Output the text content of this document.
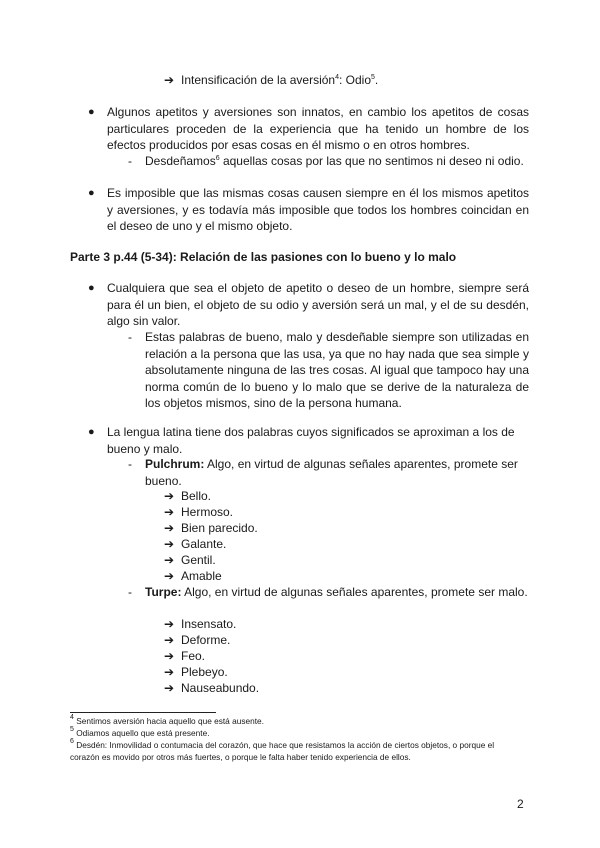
➔ Intensificación de la aversión$^4$: Odio$^5$.
● Algunos apetitos y aversiones son innatos, en cambio los apetitos de cosas particulares proceden de la experiencia que ha tenido un hombre de los efectos producidos por esas cosas en él mismo o en otros hombres.
- Desdeñamos$^6$ aquellas cosas por las que no sentimos ni deseo ni odio.
● Es imposible que las mismas cosas causen siempre en él los mismos apetitos y aversiones, y es todavía más imposible que todos los hombres coincidan en el deseo de uno y el mismo objeto.
Parte 3 p.44 (5-34): Relación de las pasiones con lo bueno y lo malo
● Cualquiera que sea el objeto de apetito o deseo de un hombre, siempre será para él un bien, el objeto de su odio y aversión será un mal, y el de su desdén, algo sin valor.
- Estas palabras de bueno, malo y desdeñable siempre son utilizadas en relación a la persona que las usa, ya que no hay nada que sea simple y absolutamente ninguna de las tres cosas. Al igual que tampoco hay una norma común de lo bueno y lo malo que se derive de la naturaleza de los objetos mismos, sino de la persona humana.
● La lengua latina tiene dos palabras cuyos significados se aproximan a los de bueno y malo.
- Pulchrum: Algo, en virtud de algunas señales aparentes, promete ser bueno.
➔ Bello.
➔ Hermoso.
➔ Bien parecido.
➔ Galante.
➔ Gentil.
➔ Amable
- Turpe: Algo, en virtud de algunas señales aparentes, promete ser malo.
➔ Insensato.
➔ Deforme.
➔ Feo.
➔ Plebeyo.
➔ Nauseabundo.
$^4$ Sentimos aversión hacia aquello que está ausente.
$^5$ Odiamos aquello que está presente.
$^6$ Desdén: Inmovilidad o contumacia del corazón, que hace que resistamos la acción de ciertos objetos, o porque el corazón es movido por otros más fuertes, o porque le falta haber tenido experiencia de ellos.
2
